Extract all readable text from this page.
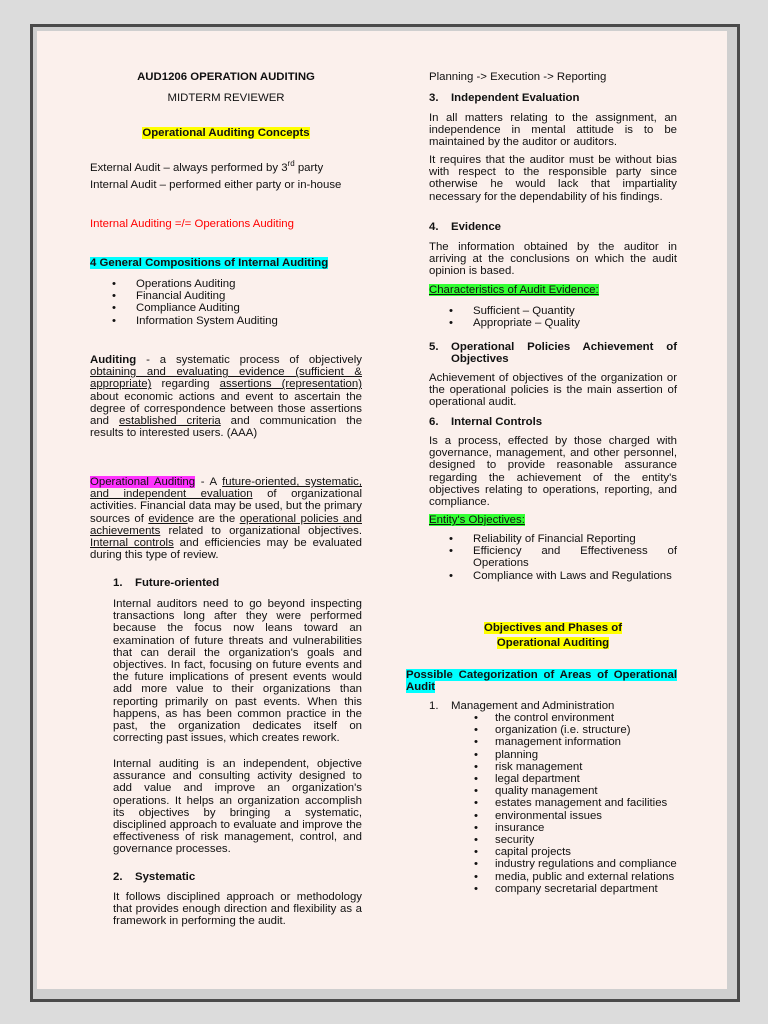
AUD1206 OPERATION AUDITING

MIDTERM REVIEWER

Operational Auditing Concepts

External Audit – always performed by 3rd party

Internal Audit – performed either party or in-house

Internal Auditing =/= Operations Auditing

4 General Compositions of Internal Auditing

• Operations Auditing
• Financial Auditing
• Compliance Auditing
• Information System Auditing

Auditing - a systematic process of objectively obtaining and evaluating evidence (sufficient & appropriate) regarding assertions (representation) about economic actions and event to ascertain the degree of correspondence between those assertions and established criteria and communication the results to interested users. (AAA)

Operational Auditing - A future-oriented, systematic, and independent evaluation of organizational activities. Financial data may be used, but the primary sources of evidence are the operational policies and achievements related to organizational objectives. Internal controls and efficiencies may be evaluated during this type of review.

1. Future-oriented

Internal auditors need to go beyond inspecting transactions long after they were performed because the focus now leans toward an examination of future threats and vulnerabilities that can derail the organization's goals and objectives. In fact, focusing on future events and the future implications of present events would add more value to their organizations than reporting primarily on past events. When this happens, as has been common practice in the past, the organization dedicates itself on correcting past issues, which creates rework.

Internal auditing is an independent, objective assurance and consulting activity designed to add value and improve an organization's operations. It helps an organization accomplish its objectives by bringing a systematic, disciplined approach to evaluate and improve the effectiveness of risk management, control, and governance processes.

2. Systematic

It follows disciplined approach or methodology that provides enough direction and flexibility as a framework in performing the audit.

Planning -> Execution -> Reporting

3. Independent Evaluation

In all matters relating to the assignment, an independence in mental attitude is to be maintained by the auditor or auditors.

It requires that the auditor must be without bias with respect to the responsible party since otherwise he would lack that impartiality necessary for the dependability of his findings.

4. Evidence

The information obtained by the auditor in arriving at the conclusions on which the audit opinion is based.

Characteristics of Audit Evidence:

• Sufficient – Quantity
• Appropriate – Quality

5. Operational Policies Achievement of Objectives

Achievement of objectives of the organization or the operational policies is the main assertion of operational audit.

6. Internal Controls

Is a process, effected by those charged with governance, management, and other personnel, designed to provide reasonable assurance regarding the achievement of the entity's objectives relating to operations, reporting, and compliance.

Entity's Objectives:

• Reliability of Financial Reporting
• Efficiency and Effectiveness of Operations
• Compliance with Laws and Regulations

Objectives and Phases of

Operational Auditing

Possible Categorization of Areas of Operational Audit

1. Management and Administration

• the control environment
• organization (i.e. structure)
• management information
• planning
• risk management
• legal department
• quality management
• estates management and facilities
• environmental issues
• insurance
• security
• capital projects
• industry regulations and compliance
• media, public and external relations
• company secretarial department
